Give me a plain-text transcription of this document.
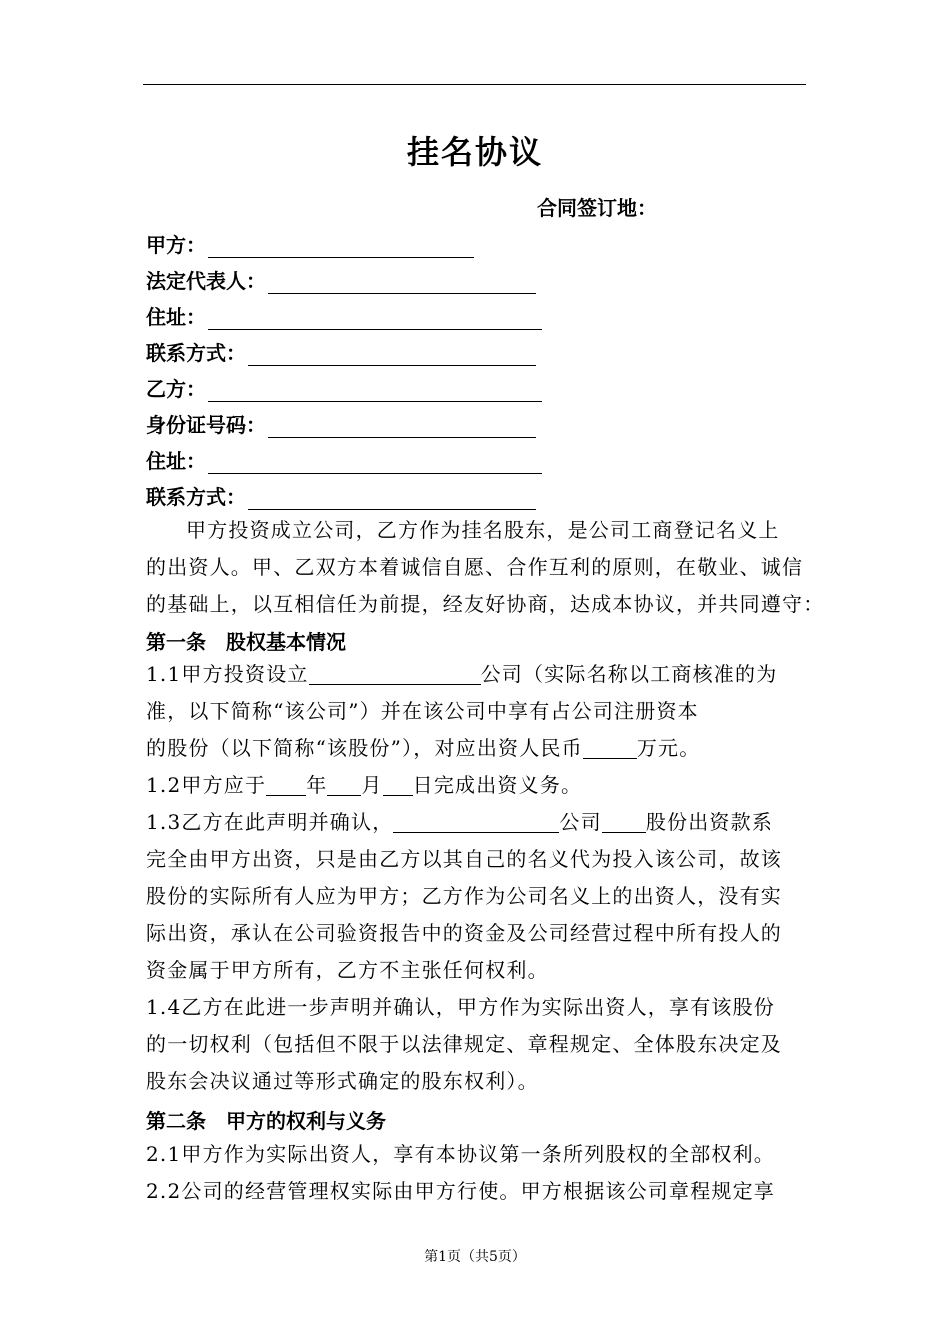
挂名协议
合同签订地：
甲方：
法定代表人：
住址：
联系方式：
乙方：
身份证号码：
住址：
联系方式：
甲方投资成立公司，乙方作为挂名股东，是公司工商登记名义上
的出资人。甲、乙双方本着诚信自愿、合作互利的原则，在敬业、诚信
的基础上，以互相信任为前提，经友好协商，达成本协议，并共同遵守：
第一条　股权基本情况
1.1甲方投资设立	公司（实际名称以工商核准的为
准，以下简称“该公司”）并在该公司中享有占公司注册资本
的股份（以下简称“该股份”），对应出资人民币	万元。
1.2甲方应于 年 月 日完成出资义务。
1.3乙方在此声明并确认，	公司 股份出资款系
完全由甲方出资，只是由乙方以其自己的名义代为投入该公司，故该
股份的实际所有人应为甲方；乙方作为公司名义上的出资人，没有实
际出资，承认在公司验资报告中的资金及公司经营过程中所有投人的
资金属于甲方所有，乙方不主张任何权利。
1.4乙方在此进一步声明并确认，甲方作为实际出资人，享有该股份
的一切权利（包括但不限于以法律规定、章程规定、全体股东决定及
股东会决议通过等形式确定的股东权利）。
第二条　甲方的权利与义务
2.1甲方作为实际出资人，享有本协议第一条所列股权的全部权利。
2.2公司的经营管理权实际由甲方行使。甲方根据该公司章程规定享
第1页（共5页）
